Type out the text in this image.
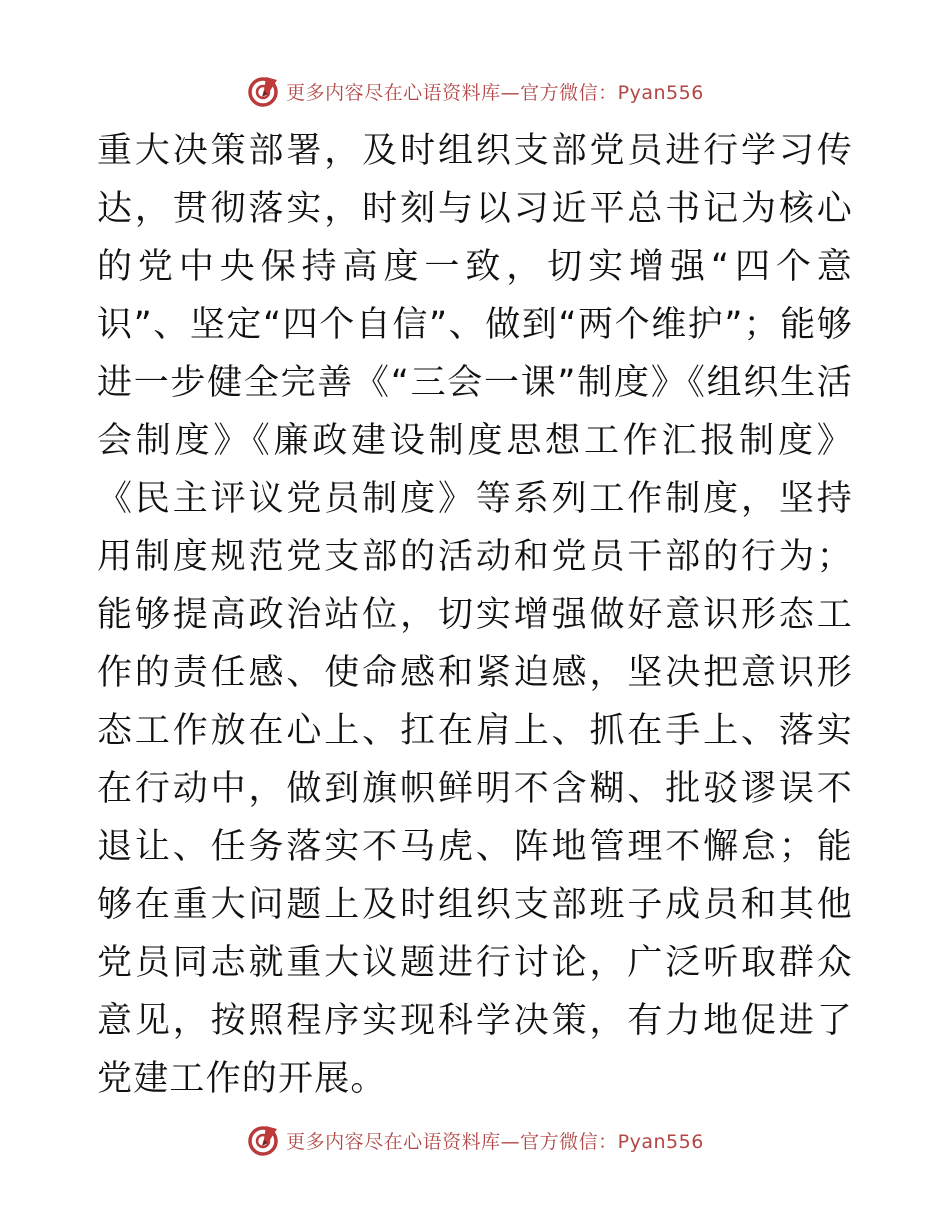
更多内容尽在心语资料库—官方微信：Pyan556

重大决策部署，及时组织支部党员进行学习传达，贯彻落实，时刻与以习近平总书记为核心的党中央保持高度一致，切实增强“四个意识”、坚定“四个自信”、做到“两个维护”；能够进一步健全完善《“三会一课”制度》《组织生活会制度》《廉政建设制度思想工作汇报制度》《民主评议党员制度》等系列工作制度，坚持用制度规范党支部的活动和党员干部的行为；能够提高政治站位，切实增强做好意识形态工作的责任感、使命感和紧迫感，坚决把意识形态工作放在心上、扛在肩上、抓在手上、落实在行动中，做到旗帜鲜明不含糊、批驳谬误不退让、任务落实不马虎、阵地管理不懈怠；能够在重大问题上及时组织支部班子成员和其他党员同志就重大议题进行讨论，广泛听取群众意见，按照程序实现科学决策，有力地促进了党建工作的开展。

更多内容尽在心语资料库—官方微信：Pyan556
